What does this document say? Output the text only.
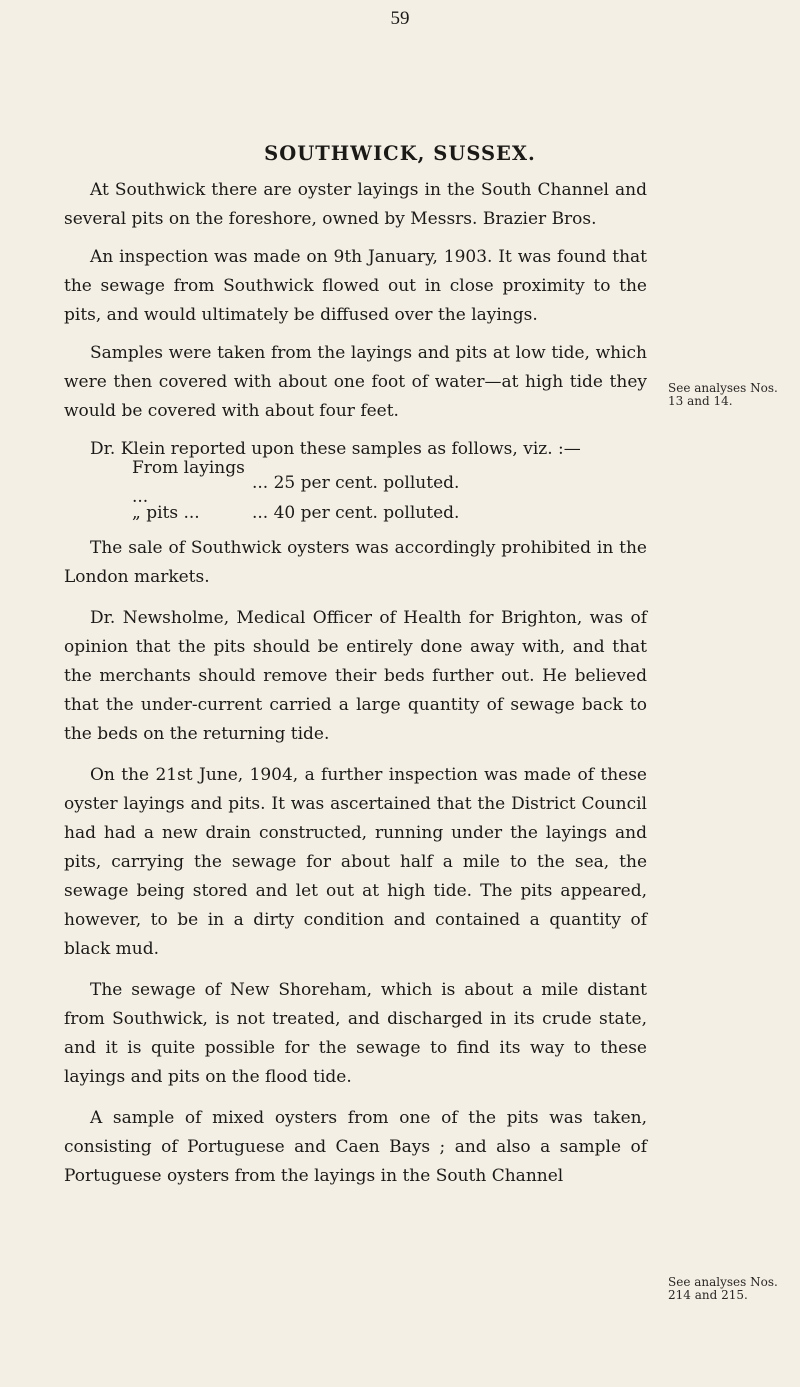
59
SOUTHWICK, SUSSEX.

At Southwick there are oyster layings in the South Channel and several pits on the foreshore, owned by Messrs. Brazier Bros.

An inspection was made on 9th January, 1903. It was found that the sewage from Southwick flowed out in close proximity to the pits, and would ultimately be diffused over the layings.

Samples were taken from the layings and pits at low tide, which were then covered with about one foot of water—at high tide they would be covered with about four feet.

Dr. Klein reported upon these samples as follows, viz. :—

From layings ...
... 25 per cent. polluted.
„ pits ...	... 40 per cent. polluted.

The sale of Southwick oysters was accordingly prohibited in the London markets.

Dr. Newsholme, Medical Officer of Health for Brighton, was of opinion that the pits should be entirely done away with, and that the merchants should remove their beds further out. He believed that the under-current carried a large quantity of sewage back to the beds on the returning tide.

On the 21st June, 1904, a further inspection was made of these oyster layings and pits. It was ascertained that the District Council had had a new drain constructed, running under the layings and pits, carrying the sewage for about half a mile to the sea, the sewage being stored and let out at high tide. The pits appeared, however, to be in a dirty condition and contained a quantity of black mud.

The sewage of New Shoreham, which is about a mile distant from Southwick, is not treated, and discharged in its crude state, and it is quite possible for the sewage to find its way to these layings and pits on the flood tide.

A sample of mixed oysters from one of the pits was taken, consisting of Portuguese and Caen Bays ; and also a sample of Portuguese oysters from the layings in the South Channel

See analyses Nos. 13 and 14.
See analyses Nos. 214 and 215.
